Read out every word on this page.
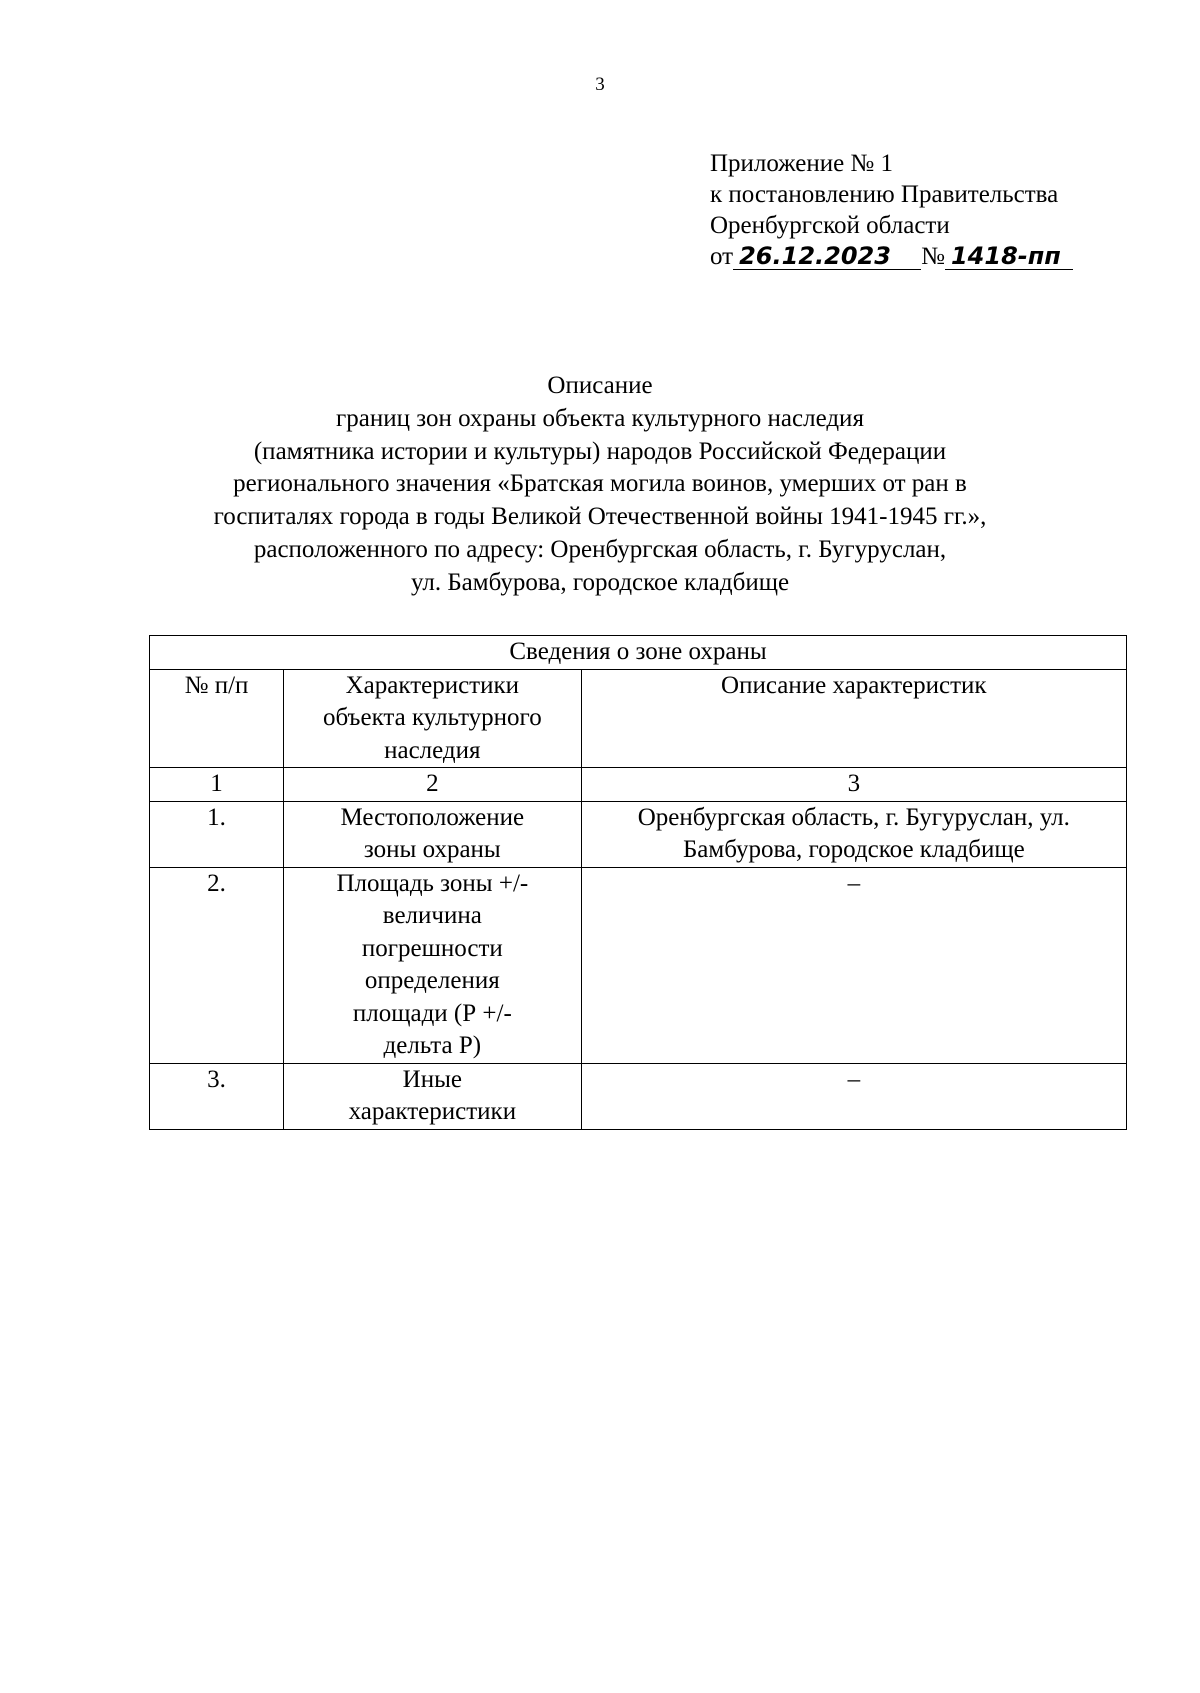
3
Приложение № 1
к постановлению Правительства
Оренбургской области
от 26.12.2023 № 1418-пп
Описание
границ зон охраны объекта культурного наследия
(памятника истории и культуры) народов Российской Федерации
регионального значения «Братская могила воинов, умерших от ран в
госпиталях города в годы Великой Отечественной войны 1941-1945 гг.»,
расположенного по адресу: Оренбургская область, г. Бугуруслан,
ул. Бамбурова, городское кладбище
Сведения о зоне охраны		
№ п/п	Характеристики объекта культурного наследия	Описание характеристик
1	2	3
1.	Местоположение зоны охраны	Оренбургская область, г. Бугуруслан, ул. Бамбурова, городское кладбище

2.	Площадь зоны +/- величина погрешности определения площади (Р +/- дельта Р)	–
3.	Иные характеристики	–
